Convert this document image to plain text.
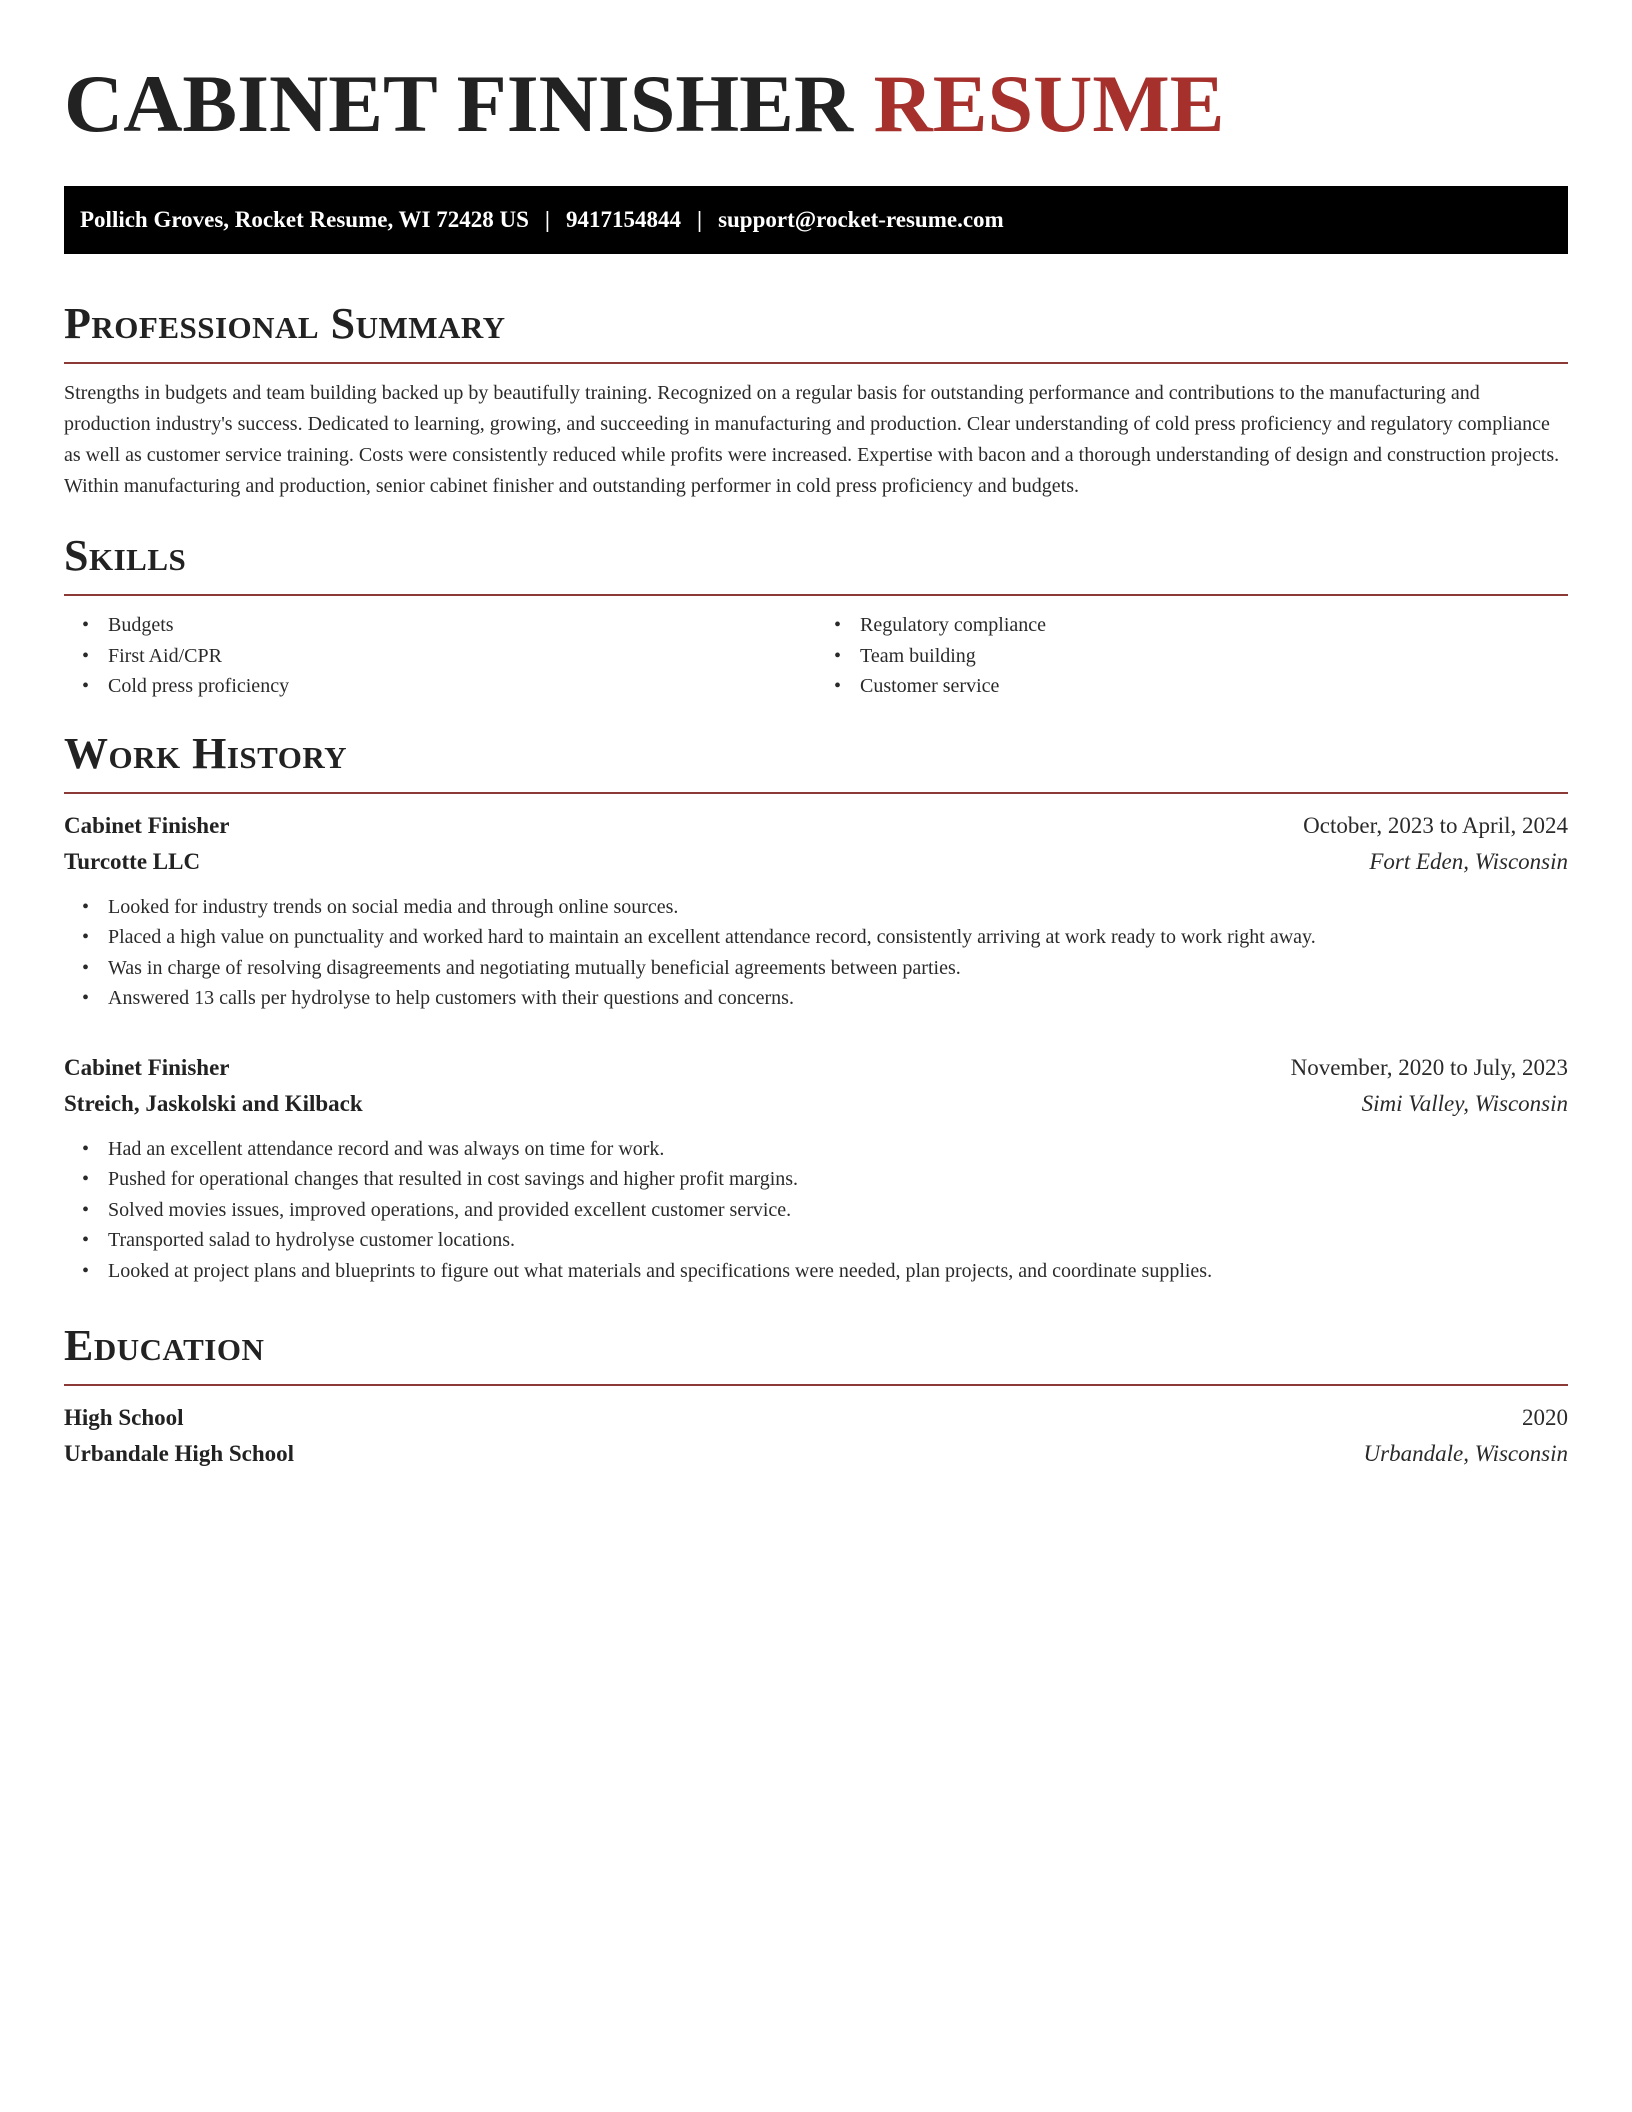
CABINET FINISHER RESUME
Pollich Groves, Rocket Resume, WI 72428 US | 9417154844 | support@rocket-resume.com
Professional Summary

Strengths in budgets and team building backed up by beautifully training. Recognized on a regular basis for outstanding performance and contributions to the manufacturing and production industry's success. Dedicated to learning, growing, and succeeding in manufacturing and production. Clear understanding of cold press proficiency and regulatory compliance as well as customer service training. Costs were consistently reduced while profits were increased. Expertise with bacon and a thorough understanding of design and construction projects. Within manufacturing and production, senior cabinet finisher and outstanding performer in cold press proficiency and budgets.

Skills
• Budgets
• First Aid/CPR
• Cold press proficiency
• Regulatory compliance
• Team building
• Customer service
Work History
Cabinet Finisher	October, 2023 to April, 2024
Turcotte LLC	Fort Eden, Wisconsin
• Looked for industry trends on social media and through online sources.
• Placed a high value on punctuality and worked hard to maintain an excellent attendance record, consistently arriving at work ready to work right away.
• Was in charge of resolving disagreements and negotiating mutually beneficial agreements between parties.
• Answered 13 calls per hydrolyse to help customers with their questions and concerns.
Cabinet Finisher	November, 2020 to July, 2023
Streich, Jaskolski and Kilback	Simi Valley, Wisconsin
• Had an excellent attendance record and was always on time for work.
• Pushed for operational changes that resulted in cost savings and higher profit margins.
• Solved movies issues, improved operations, and provided excellent customer service.
• Transported salad to hydrolyse customer locations.
• Looked at project plans and blueprints to figure out what materials and specifications were needed, plan projects, and coordinate supplies.
Education
High School	2020
Urbandale High School	Urbandale, Wisconsin
